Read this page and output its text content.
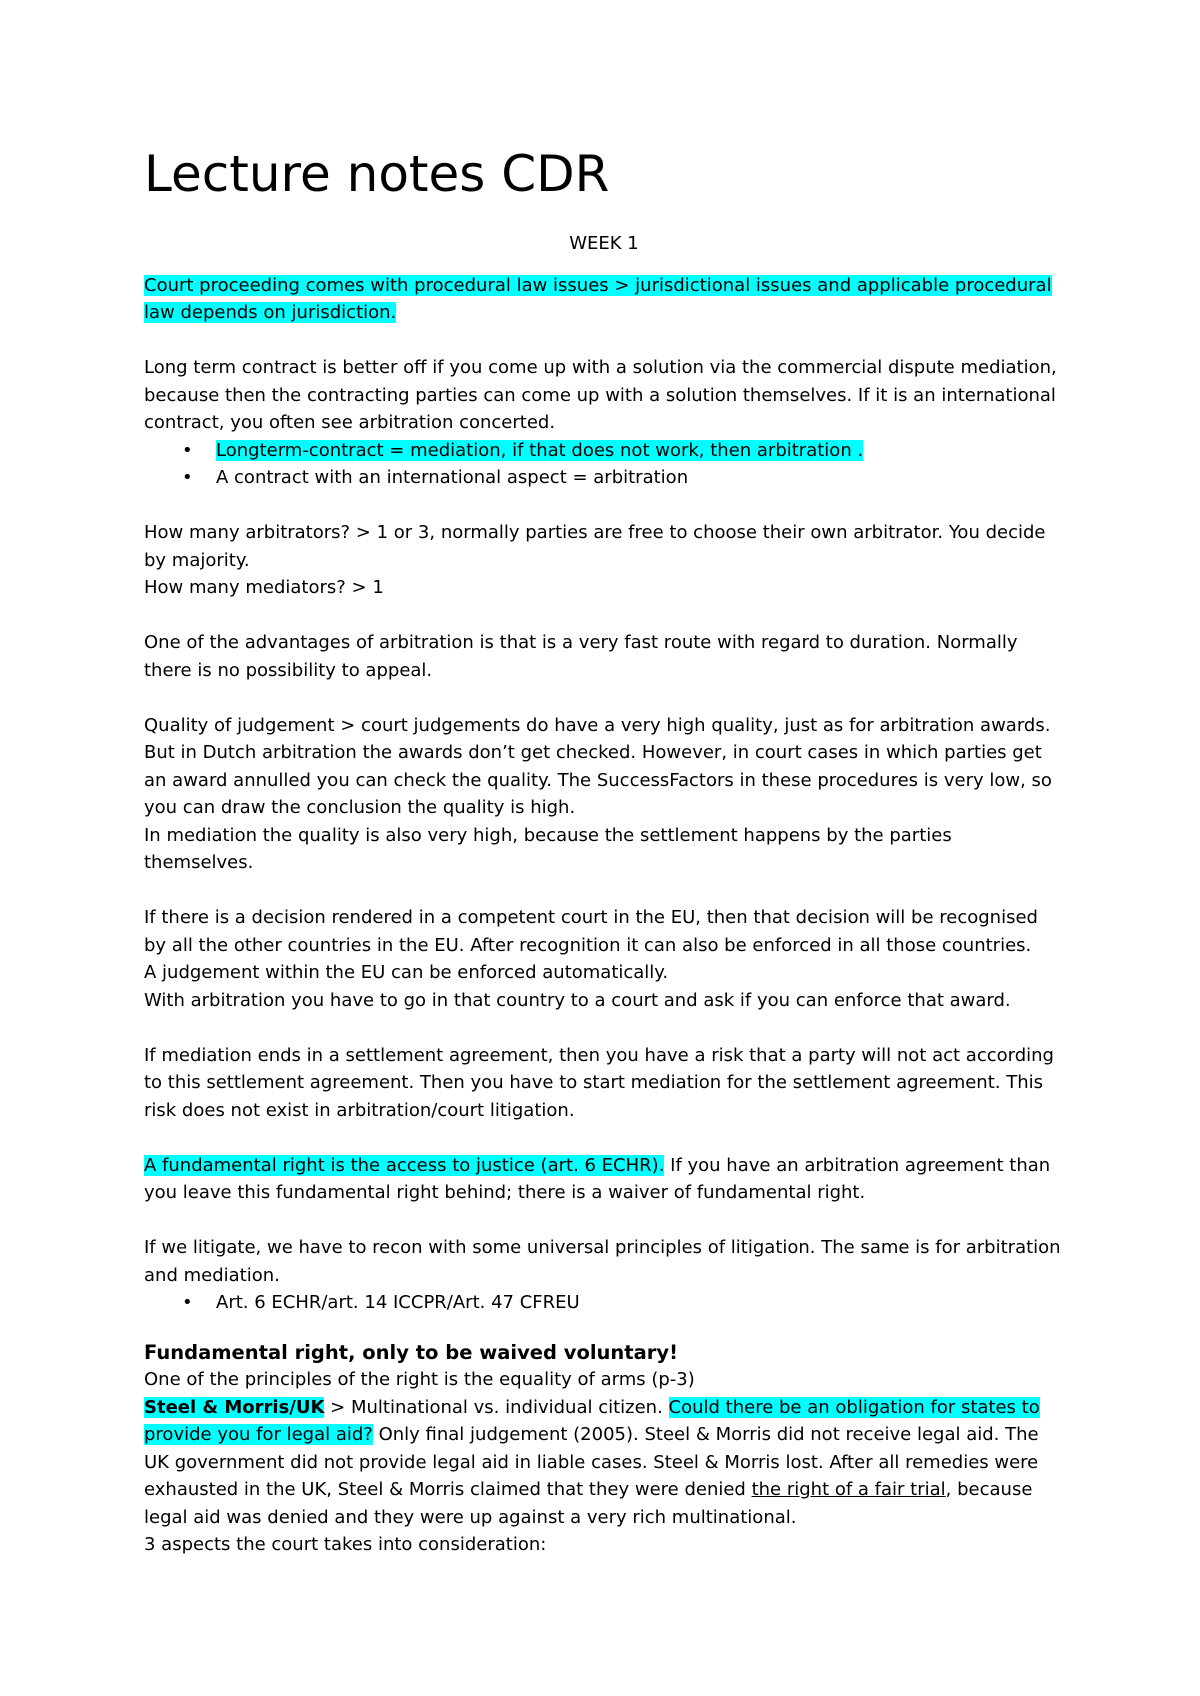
Lecture notes CDR

WEEK 1

Court proceeding comes with procedural law issues > jurisdictional issues and applicable procedural law depends on jurisdiction.

Long term contract is better off if you come up with a solution via the commercial dispute mediation, because then the contracting parties can come up with a solution themselves. If it is an international contract, you often see arbitration concerted.

• Longterm-contract = mediation, if that does not work, then arbitration .
• A contract with an international aspect = arbitration

How many arbitrators? > 1 or 3, normally parties are free to choose their own arbitrator. You decide by majority.

How many mediators? > 1

One of the advantages of arbitration is that is a very fast route with regard to duration. Normally there is no possibility to appeal.

Quality of judgement > court judgements do have a very high quality, just as for arbitration awards. But in Dutch arbitration the awards don’t get checked. However, in court cases in which parties get an award annulled you can check the quality. The SuccessFactors in these procedures is very low, so you can draw the conclusion the quality is high.

In mediation the quality is also very high, because the settlement happens by the parties themselves.

If there is a decision rendered in a competent court in the EU, then that decision will be recognised by all the other countries in the EU. After recognition it can also be enforced in all those countries.

A judgement within the EU can be enforced automatically.

With arbitration you have to go in that country to a court and ask if you can enforce that award.

If mediation ends in a settlement agreement, then you have a risk that a party will not act according to this settlement agreement. Then you have to start mediation for the settlement agreement. This risk does not exist in arbitration/court litigation.

A fundamental right is the access to justice (art. 6 ECHR). If you have an arbitration agreement than you leave this fundamental right behind; there is a waiver of fundamental right.

If we litigate, we have to recon with some universal principles of litigation. The same is for arbitration and mediation.

• Art. 6 ECHR/art. 14 ICCPR/Art. 47 CFREU

Fundamental right, only to be waived voluntary!

One of the principles of the right is the equality of arms (p-3)

Steel & Morris/UK > Multinational vs. individual citizen. Could there be an obligation for states to provide you for legal aid? Only final judgement (2005). Steel & Morris did not receive legal aid. The UK government did not provide legal aid in liable cases. Steel & Morris lost. After all remedies were exhausted in the UK, Steel & Morris claimed that they were denied the right of a fair trial, because legal aid was denied and they were up against a very rich multinational.

3 aspects the court takes into consideration:
